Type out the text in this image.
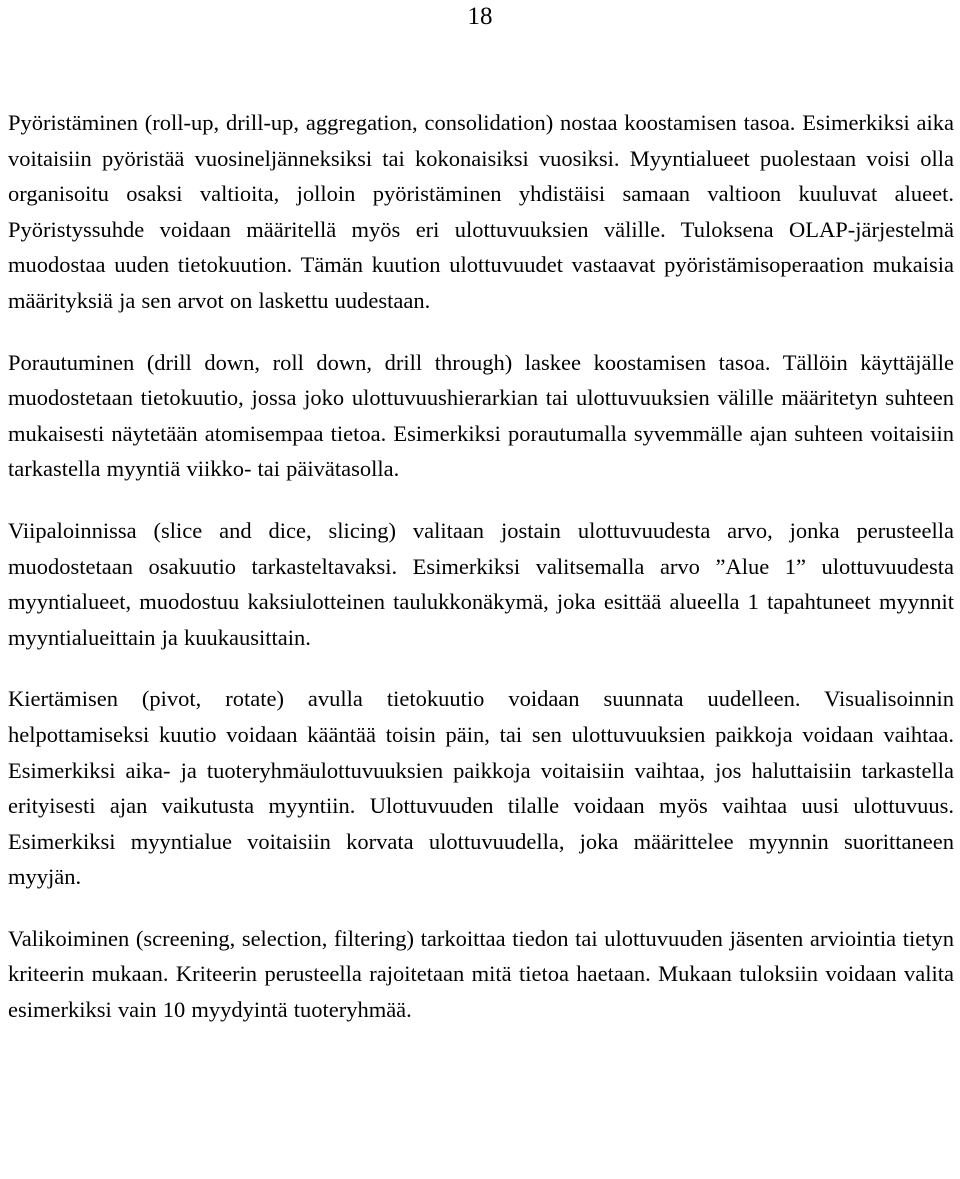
18

Pyöristäminen (roll-up, drill-up, aggregation, consolidation) nostaa koostamisen tasoa. Esimerkiksi aika voitaisiin pyöristää vuosineljänneksiksi tai kokonaisiksi vuosiksi. Myyntialueet puolestaan voisi olla organisoitu osaksi valtioita, jolloin pyöristäminen yhdistäisi samaan valtioon kuuluvat alueet. Pyöristyssuhde voidaan määritellä myös eri ulottuvuuksien välille. Tuloksena OLAP-järjestelmä muodostaa uuden tietokuution. Tämän kuution ulottuvuudet vastaavat pyöristämisoperaation mukaisia määrityksiä ja sen arvot on laskettu uudestaan.

Porautuminen (drill down, roll down, drill through) laskee koostamisen tasoa. Tällöin käyttäjälle muodostetaan tietokuutio, jossa joko ulottuvuushierarkian tai ulottuvuuksien välille määritetyn suhteen mukaisesti näytetään atomisempaa tietoa. Esimerkiksi porautumalla syvemmälle ajan suhteen voitaisiin tarkastella myyntiä viikko- tai päivätasolla.

Viipaloinnissa (slice and dice, slicing) valitaan jostain ulottuvuudesta arvo, jonka perusteella muodostetaan osakuutio tarkasteltavaksi. Esimerkiksi valitsemalla arvo ”Alue 1” ulottuvuudesta myyntialueet, muodostuu kaksiulotteinen taulukkonäkymä, joka esittää alueella 1 tapahtuneet myynnit myyntialueittain ja kuukausittain.

Kiertämisen (pivot, rotate) avulla tietokuutio voidaan suunnata uudelleen. Visualisoinnin helpottamiseksi kuutio voidaan kääntää toisin päin, tai sen ulottuvuuksien paikkoja voidaan vaihtaa. Esimerkiksi aika- ja tuoteryhmäulottuvuuksien paikkoja voitaisiin vaihtaa, jos haluttaisiin tarkastella erityisesti ajan vaikutusta myyntiin. Ulottuvuuden tilalle voidaan myös vaihtaa uusi ulottuvuus. Esimerkiksi myyntialue voitaisiin korvata ulottuvuudella, joka määrittelee myynnin suorittaneen myyjän.

Valikoiminen (screening, selection, filtering) tarkoittaa tiedon tai ulottuvuuden jäsenten arviointia tietyn kriteerin mukaan. Kriteerin perusteella rajoitetaan mitä tietoa haetaan. Mukaan tuloksiin voidaan valita esimerkiksi vain 10 myydyintä tuoteryhmää.
